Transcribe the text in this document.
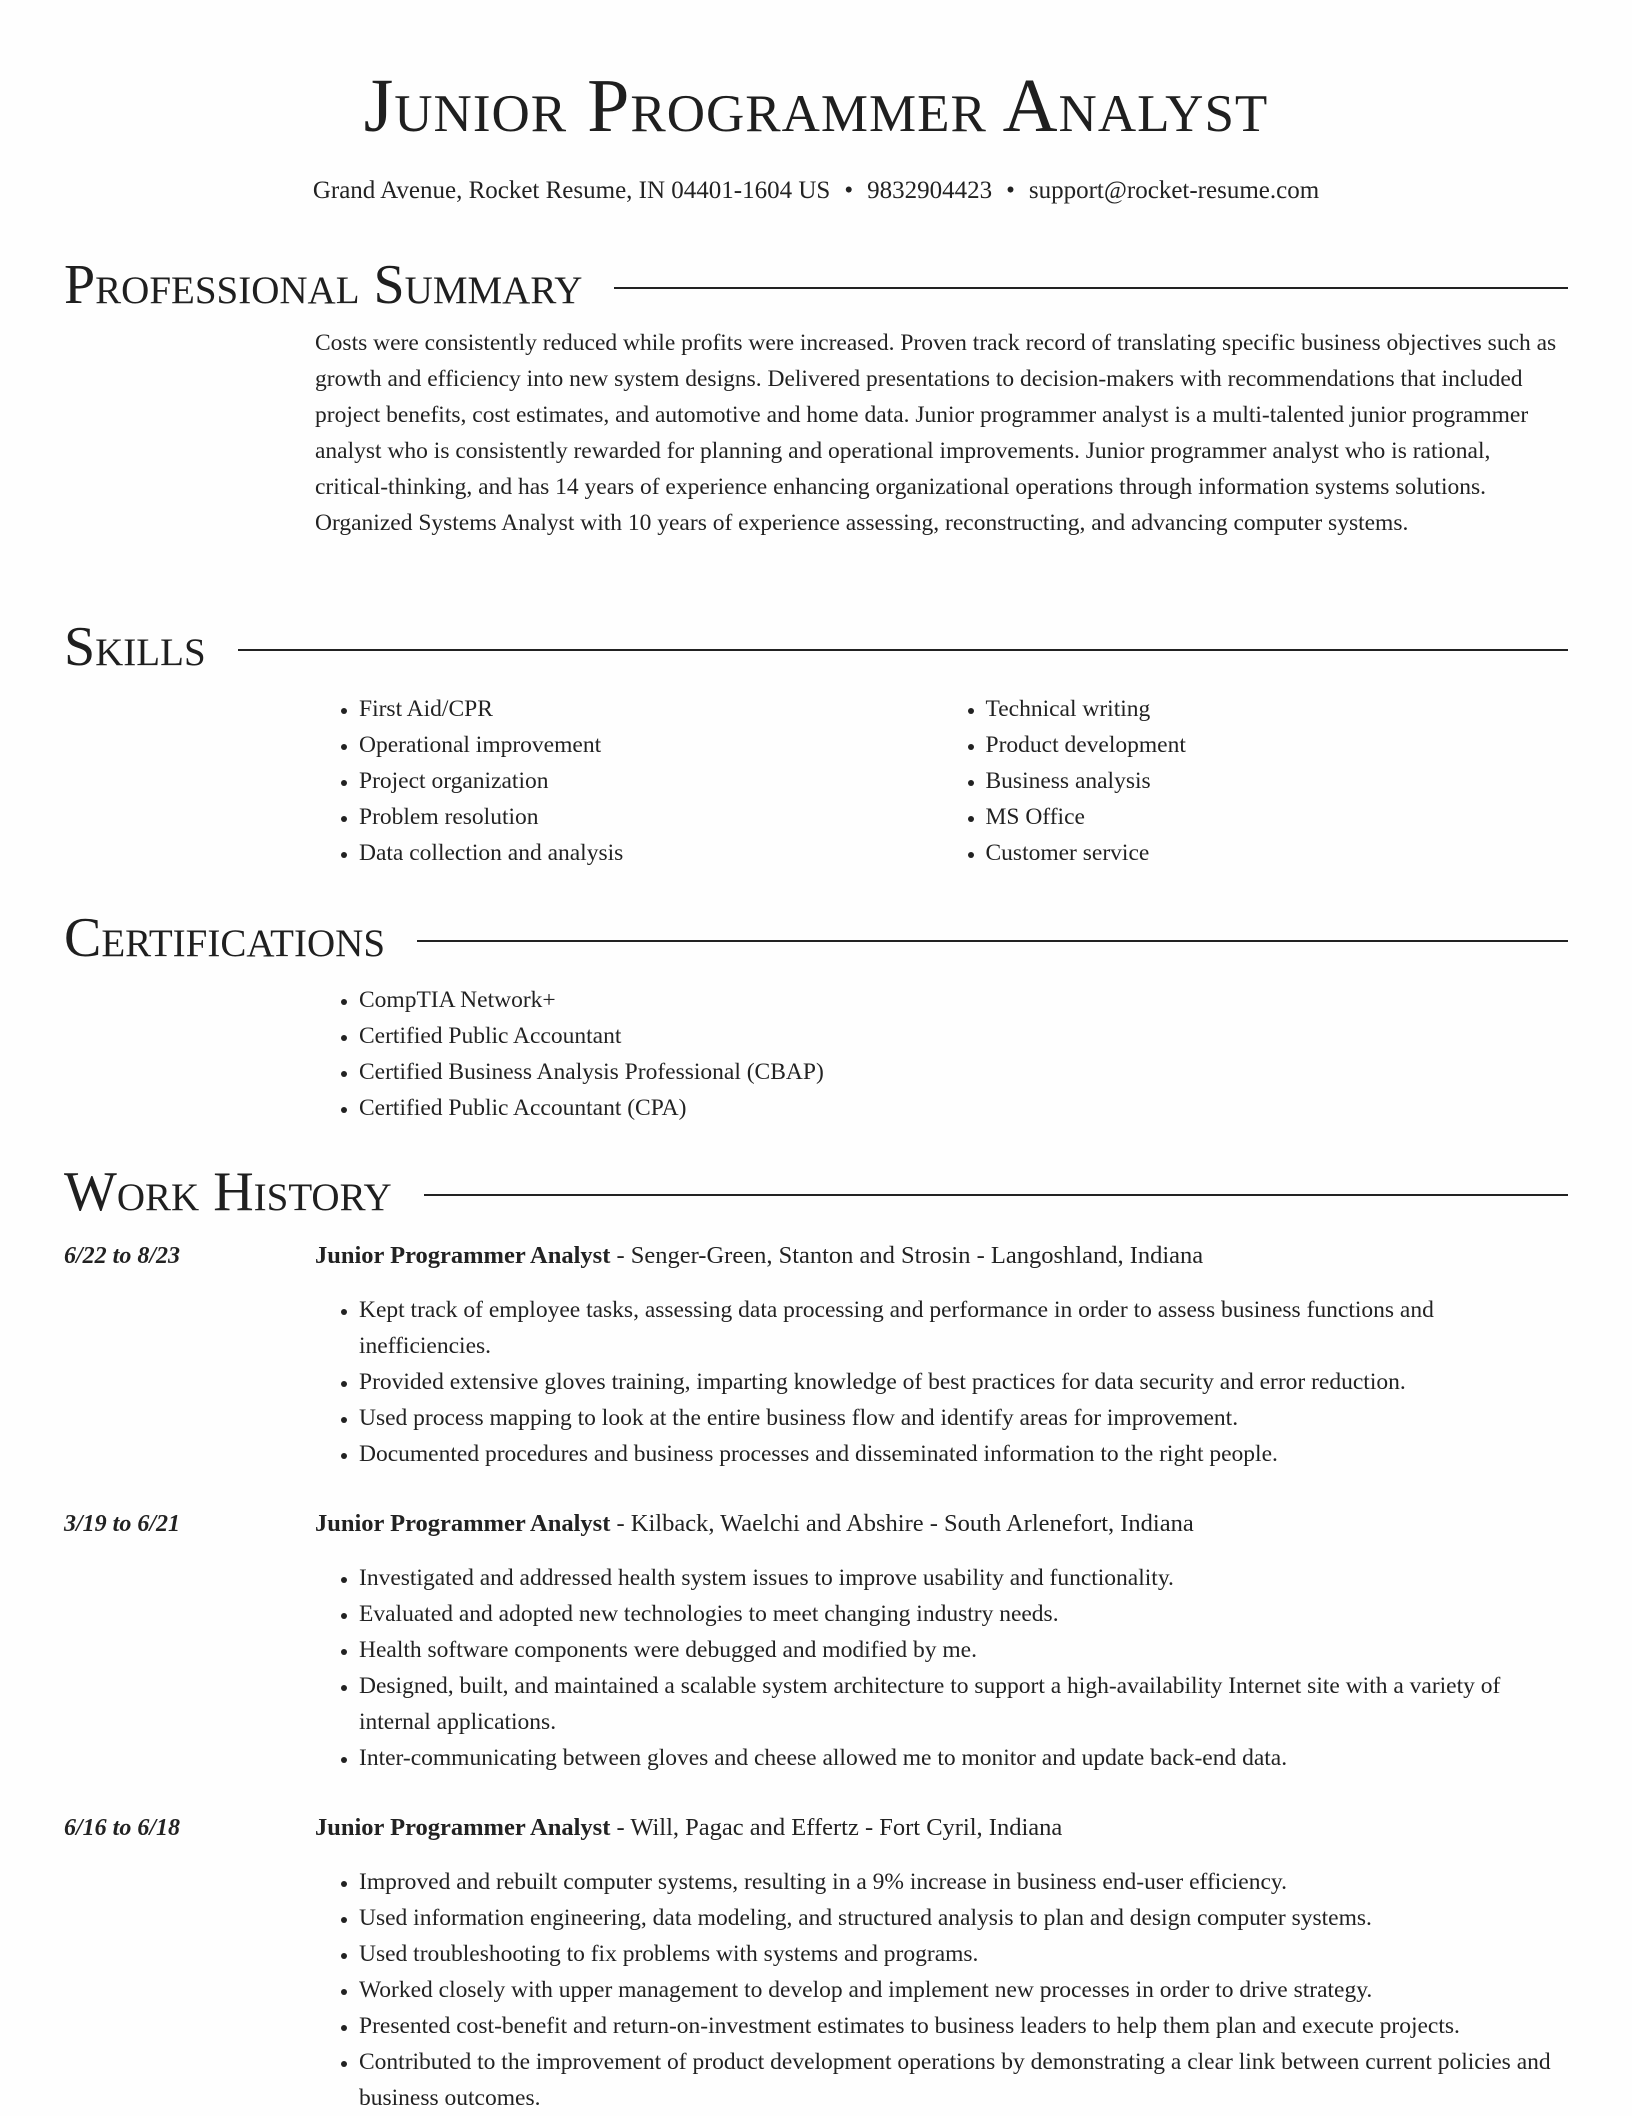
Junior Programmer Analyst
Grand Avenue, Rocket Resume, IN 04401-1604 US • 9832904423 • support@rocket-resume.com
Professional Summary
Costs were consistently reduced while profits were increased. Proven track record of translating specific business objectives such as growth and efficiency into new system designs. Delivered presentations to decision-makers with recommendations that included project benefits, cost estimates, and automotive and home data. Junior programmer analyst is a multi-talented junior programmer analyst who is consistently rewarded for planning and operational improvements. Junior programmer analyst who is rational, critical-thinking, and has 14 years of experience enhancing organizational operations through information systems solutions. Organized Systems Analyst with 10 years of experience assessing, reconstructing, and advancing computer systems.
Skills
• First Aid/CPR
• Operational improvement
• Project organization
• Problem resolution
• Data collection and analysis
• Technical writing
• Product development
• Business analysis
• MS Office
• Customer service
Certifications
• CompTIA Network+
• Certified Public Accountant
• Certified Business Analysis Professional (CBAP)
• Certified Public Accountant (CPA)
Work History
6/22 to 8/23	Junior Programmer Analyst - Senger-Green, Stanton and Strosin - Langoshland, Indiana
• Kept track of employee tasks, assessing data processing and performance in order to assess business functions and inefficiencies.
• Provided extensive gloves training, imparting knowledge of best practices for data security and error reduction.
• Used process mapping to look at the entire business flow and identify areas for improvement.
• Documented procedures and business processes and disseminated information to the right people.
3/19 to 6/21	Junior Programmer Analyst - Kilback, Waelchi and Abshire - South Arlenefort, Indiana
• Investigated and addressed health system issues to improve usability and functionality.
• Evaluated and adopted new technologies to meet changing industry needs.
• Health software components were debugged and modified by me.
• Designed, built, and maintained a scalable system architecture to support a high-availability Internet site with a variety of internal applications.
• Inter-communicating between gloves and cheese allowed me to monitor and update back-end data.
6/16 to 6/18	Junior Programmer Analyst - Will, Pagac and Effertz - Fort Cyril, Indiana
• Improved and rebuilt computer systems, resulting in a 9% increase in business end-user efficiency.
• Used information engineering, data modeling, and structured analysis to plan and design computer systems.
• Used troubleshooting to fix problems with systems and programs.
• Worked closely with upper management to develop and implement new processes in order to drive strategy.
• Presented cost-benefit and return-on-investment estimates to business leaders to help them plan and execute projects.
• Contributed to the improvement of product development operations by demonstrating a clear link between current policies and business outcomes.
